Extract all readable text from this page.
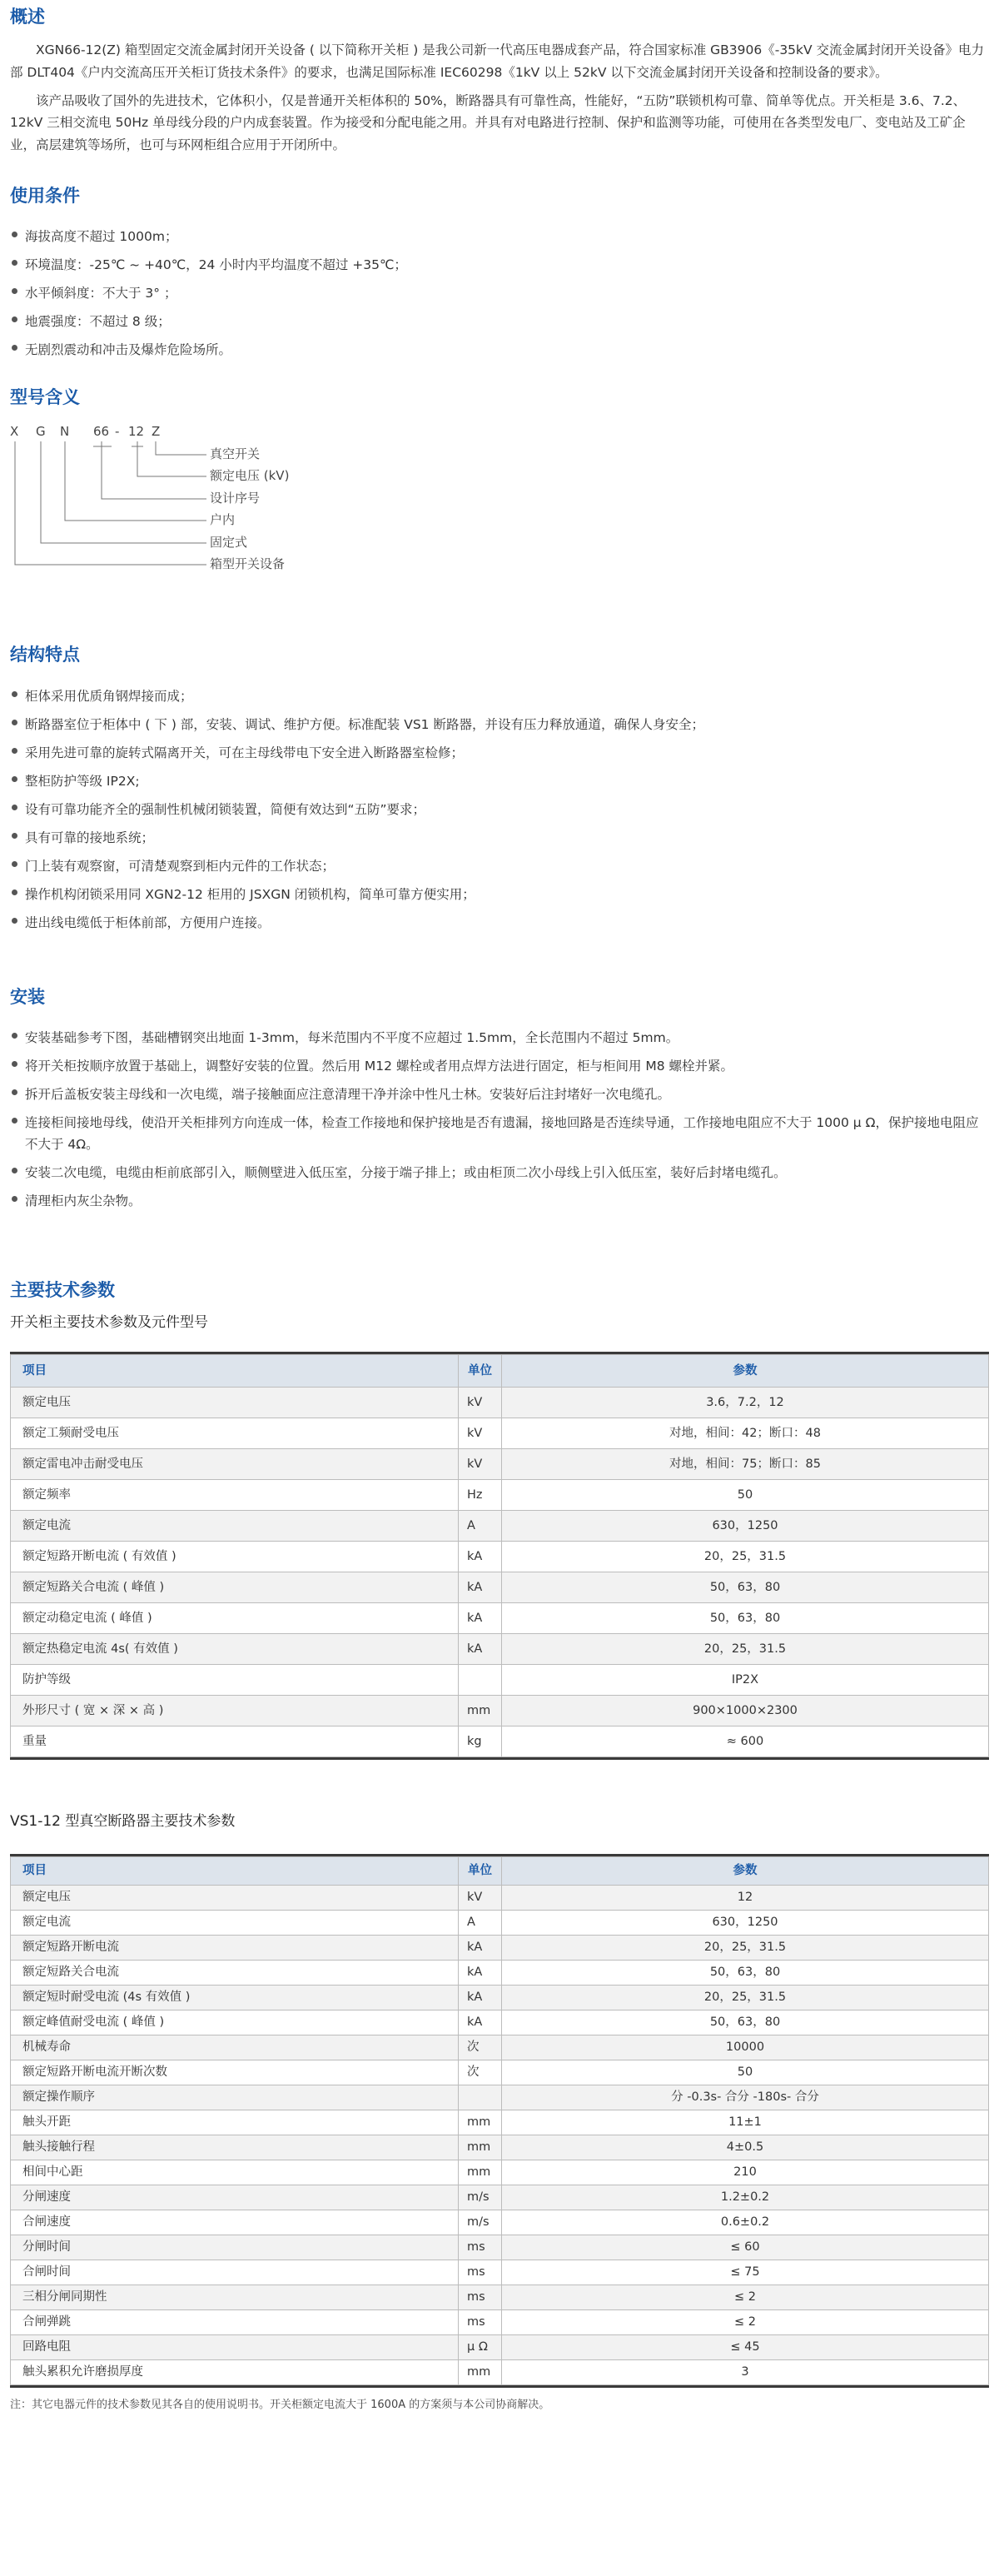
概述

XGN66-12(Z) 箱型固定交流金属封闭开关设备 ( 以下简称开关柜 ) 是我公司新一代高压电器成套产品，符合国家标准 GB3906《-35kV 交流金属封闭开关设备》电力部 DLT404《户内交流高压开关柜订货技术条件》的要求，也满足国际标准 IEC60298《1kV 以上 52kV 以下交流金属封闭开关设备和控制设备的要求》。

该产品吸收了国外的先进技术，它体积小，仅是普通开关柜体积的 50%，断路器具有可靠性高，性能好，“五防”联锁机构可靠、简单等优点。开关柜是 3.6、7.2、12kV 三相交流电 50Hz 单母线分段的户内成套装置。作为接受和分配电能之用。并具有对电路进行控制、保护和监测等功能，可使用在各类型发电厂、变电站及工矿企业，高层建筑等场所，也可与环网柜组合应用于开闭所中。

使用条件
海拔高度不超过 1000m；
环境温度：-25℃ ~ +40℃，24 小时内平均温度不超过 +35℃；
水平倾斜度：不大于 3° ；
地震强度：不超过 8 级；
无剧烈震动和冲击及爆炸危险场所。
型号含义
X G N 66 - 12 Z
真空开关
额定电压 (kV)
设计序号
户内
固定式
箱型开关设备
结构特点
柜体采用优质角钢焊接而成；
断路器室位于柜体中 ( 下 ) 部，安装、调试、维护方便。标准配装 VS1 断路器，并设有压力释放通道，确保人身安全；
采用先进可靠的旋转式隔离开关，可在主母线带电下安全进入断路器室检修；
整柜防护等级 IP2X;
设有可靠功能齐全的强制性机械闭锁装置，简便有效达到“五防”要求；
具有可靠的接地系统；
门上装有观察窗，可清楚观察到柜内元件的工作状态；
操作机构闭锁采用同 XGN2-12 柜用的 JSXGN 闭锁机构，简单可靠方便实用；
进出线电缆低于柜体前部，方便用户连接。
安装
安装基础参考下图，基础槽钢突出地面 1-3mm，每米范围内不平度不应超过 1.5mm，全长范围内不超过 5mm。
将开关柜按顺序放置于基础上，调整好安装的位置。然后用 M12 螺栓或者用点焊方法进行固定，柜与柜间用 M8 螺栓并紧。
拆开后盖板安装主母线和一次电缆，端子接触面应注意清理干净并涂中性凡士林。安装好后注封堵好一次电缆孔。
连接柜间接地母线，使沿开关柜排列方向连成一体，检查工作接地和保护接地是否有遗漏，接地回路是否连续导通，工作接地电阻应不大于 1000 μ Ω，保护接地电阻应不大于 4Ω。
安装二次电缆，电缆由柜前底部引入，顺侧壁进入低压室，分接于端子排上；或由柜顶二次小母线上引入低压室，装好后封堵电缆孔。
清理柜内灰尘杂物。
主要技术参数

开关柜主要技术参数及元件型号

项目	单位	参数
额定电压	kV	3.6，7.2，12
额定工频耐受电压	kV	对地，相间：42；断口：48
额定雷电冲击耐受电压	kV	对地，相间：75；断口：85
额定频率	Hz	50
额定电流	A	630，1250
额定短路开断电流 ( 有效值 )	kA	20，25，31.5
额定短路关合电流 ( 峰值 )	kA	50，63，80
额定动稳定电流 ( 峰值 )	kA	50，63，80
额定热稳定电流 4s( 有效值 )	kA	20，25，31.5
防护等级		IP2X
外形尺寸 ( 宽 × 深 × 高 )	mm	900×1000×2300
重量	kg	≈ 600

VS1-12 型真空断路器主要技术参数

项目	单位	参数
额定电压	kV	12
额定电流	A	630，1250
额定短路开断电流	kA	20，25，31.5
额定短路关合电流	kA	50，63，80
额定短时耐受电流 (4s 有效值 )	kA	20，25，31.5
额定峰值耐受电流 ( 峰值 )	kA	50，63，80
机械寿命	次	10000
额定短路开断电流开断次数	次	50
额定操作顺序		分 -0.3s- 合分 -180s- 合分
触头开距	mm	11±1
触头接触行程	mm	4±0.5
相间中心距	mm	210
分闸速度	m/s	1.2±0.2
合闸速度	m/s	0.6±0.2
分闸时间	ms	≤ 60
合闸时间	ms	≤ 75
三相分闸同期性	ms	≤ 2
合闸弹跳	ms	≤ 2
回路电阻	μ Ω	≤ 45
触头累积允许磨损厚度	mm	3

注：其它电器元件的技术参数见其各自的使用说明书。开关柜额定电流大于 1600A 的方案须与本公司协商解决。
